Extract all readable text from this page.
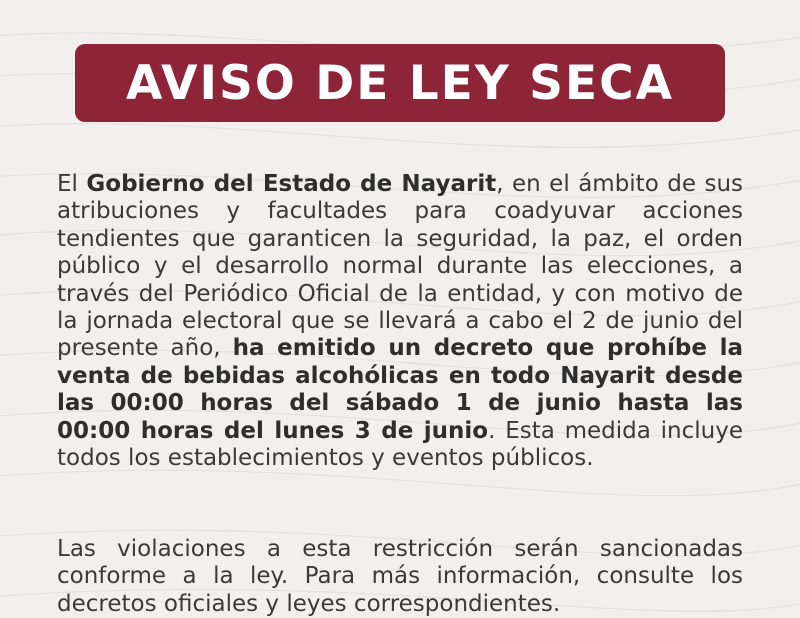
AVISO DE LEY SECA

El Gobierno del Estado de Nayarit, en el ámbito de sus atribuciones y facultades para coadyuvar acciones tendientes que garanticen la seguridad, la paz, el orden público y el desarrollo normal durante las elecciones, a través del Periódico Oficial de la entidad, y con motivo de la jornada electoral que se llevará a cabo el 2 de junio del presente año, ha emitido un decreto que prohíbe la venta de bebidas alcohólicas en todo Nayarit desde las 00:00 horas del sábado 1 de junio hasta las 00:00 horas del lunes 3 de junio. Esta medida incluye todos los establecimientos y eventos públicos.

Las violaciones a esta restricción serán sancionadas conforme a la ley. Para más información, consulte los decretos oficiales y leyes correspondientes.
